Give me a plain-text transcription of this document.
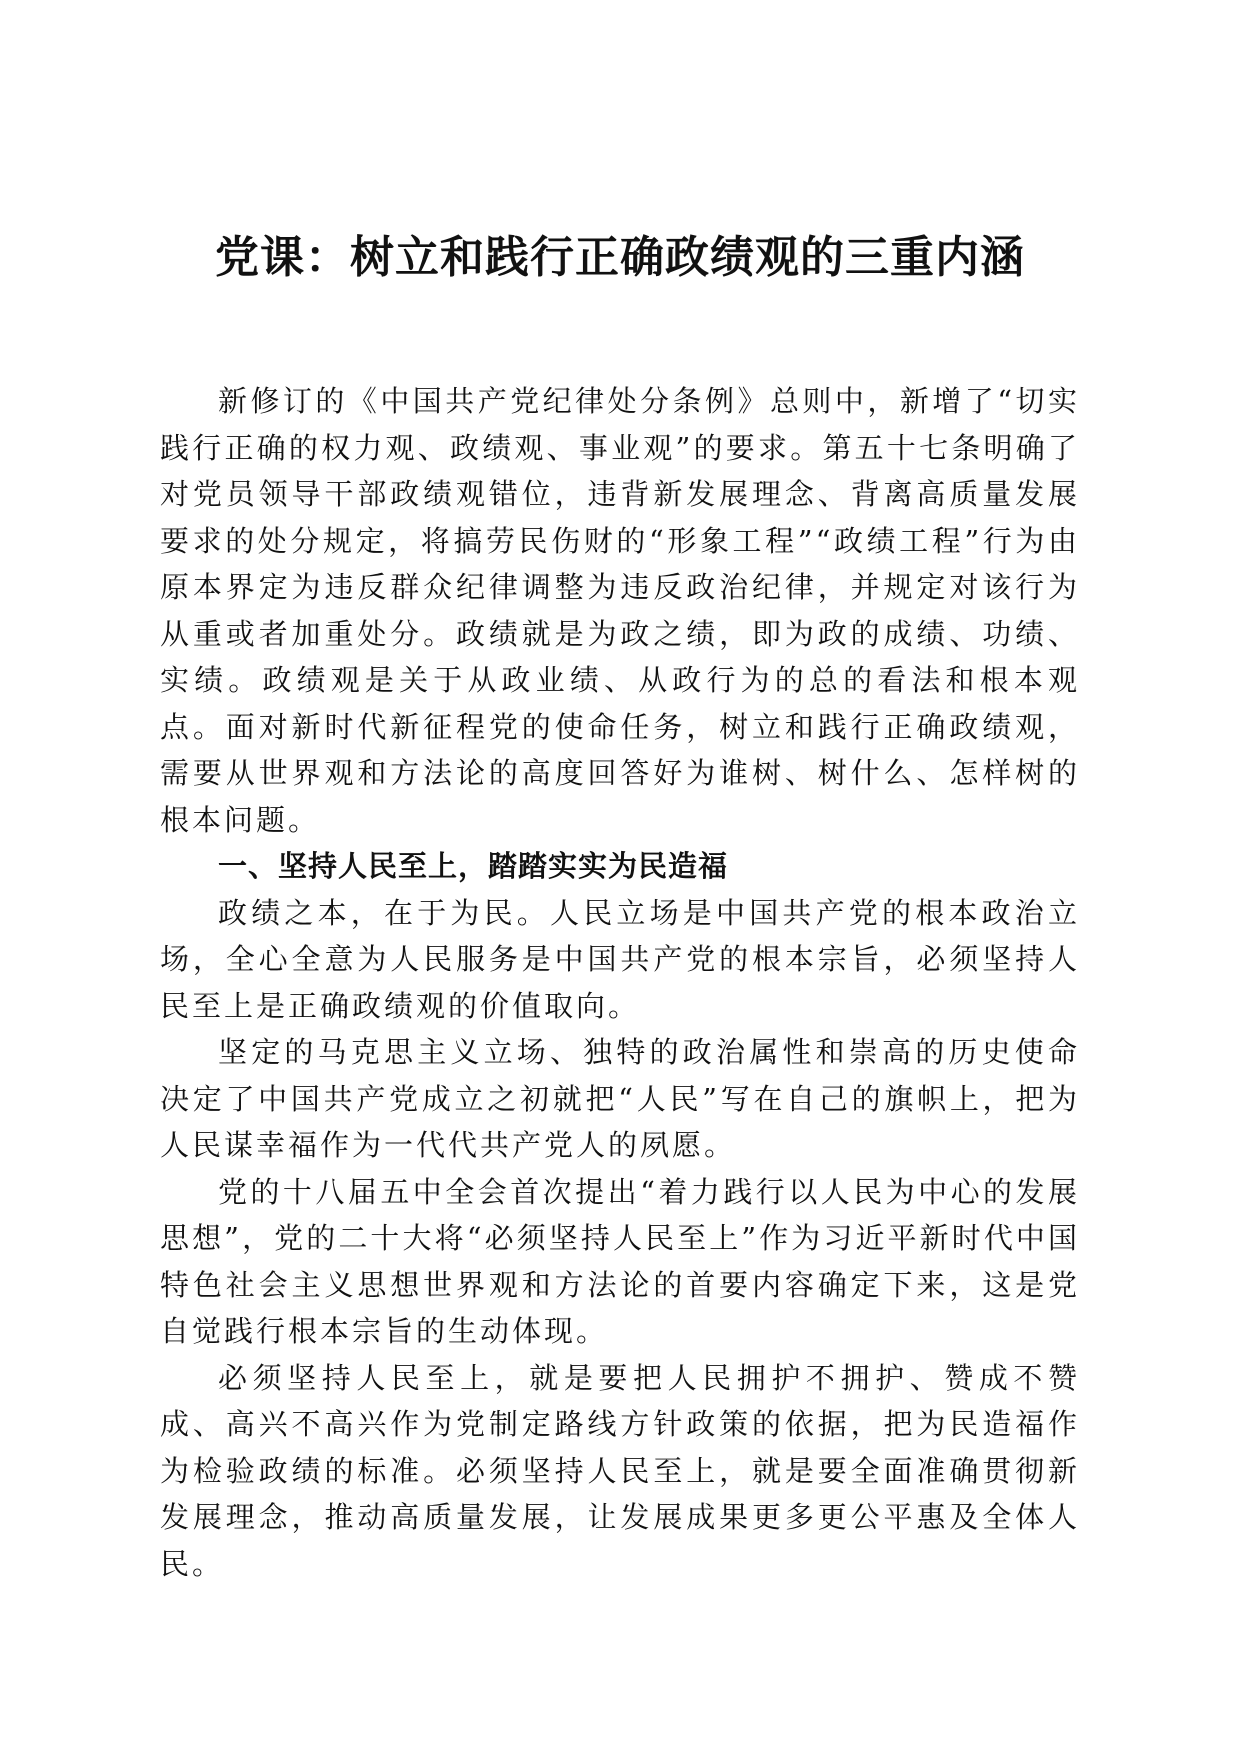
党课：树立和践行正确政绩观的三重内涵

新修订的《中国共产党纪律处分条例》总则中，新增了“切实践行正确的权力观、政绩观、事业观”的要求。第五十七条明确了对党员领导干部政绩观错位，违背新发展理念、背离高质量发展要求的处分规定，将搞劳民伤财的“形象工程”“政绩工程”行为由原本界定为违反群众纪律调整为违反政治纪律，并规定对该行为从重或者加重处分。政绩就是为政之绩，即为政的成绩、功绩、实绩。政绩观是关于从政业绩、从政行为的总的看法和根本观点。面对新时代新征程党的使命任务，树立和践行正确政绩观，需要从世界观和方法论的高度回答好为谁树、树什么、怎样树的根本问题。

一、坚持人民至上，踏踏实实为民造福

政绩之本，在于为民。人民立场是中国共产党的根本政治立场，全心全意为人民服务是中国共产党的根本宗旨，必须坚持人民至上是正确政绩观的价值取向。

坚定的马克思主义立场、独特的政治属性和崇高的历史使命决定了中国共产党成立之初就把“人民”写在自己的旗帜上，把为人民谋幸福作为一代代共产党人的夙愿。

党的十八届五中全会首次提出“着力践行以人民为中心的发展思想”，党的二十大将“必须坚持人民至上”作为习近平新时代中国特色社会主义思想世界观和方法论的首要内容确定下来，这是党自觉践行根本宗旨的生动体现。

必须坚持人民至上，就是要把人民拥护不拥护、赞成不赞成、高兴不高兴作为党制定路线方针政策的依据，把为民造福作为检验政绩的标准。必须坚持人民至上，就是要全面准确贯彻新发展理念，推动高质量发展，让发展成果更多更公平惠及全体人民。
